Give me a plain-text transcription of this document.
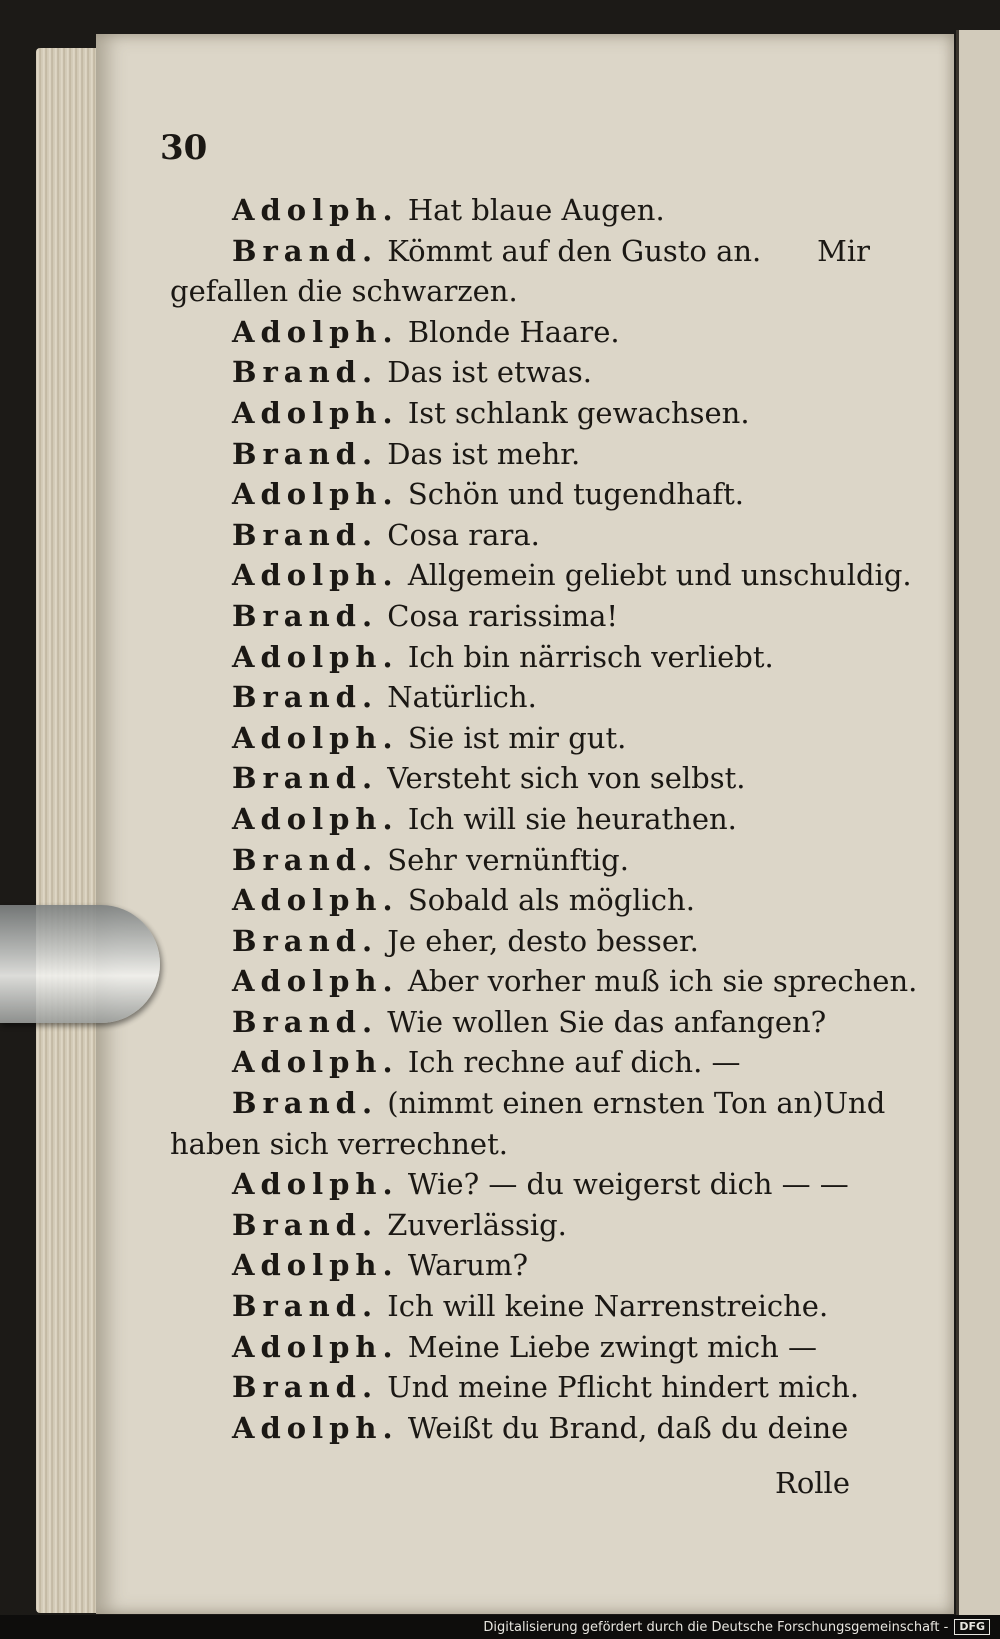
30
Adolph. Hat blaue Augen.
Brand. Kömmt auf den Gusto an. Mir
gefallen die schwarzen.
Adolph. Blonde Haare.
Brand. Das ist etwas.
Adolph. Ist schlank gewachsen.
Brand. Das ist mehr.
Adolph. Schön und tugendhaft.
Brand. Cosa rara.
Adolph. Allgemein geliebt und unschuldig.
Brand. Cosa rarissima!
Adolph. Ich bin närrisch verliebt.
Brand. Natürlich.
Adolph. Sie ist mir gut.
Brand. Versteht sich von selbst.
Adolph. Ich will sie heurathen.
Brand. Sehr vernünftig.
Adolph. Sobald als möglich.
Brand. Je eher, desto besser.
Adolph. Aber vorher muß ich sie sprechen.
Brand. Wie wollen Sie das anfangen?
Adolph. Ich rechne auf dich. —
Brand. (nimmt einen ernsten Ton an) Und
haben sich verrechnet.
Adolph. Wie? — du weigerst dich — —
Brand. Zuverlässig.
Adolph. Warum?
Brand. Ich will keine Narrenstreiche.
Adolph. Meine Liebe zwingt mich —
Brand. Und meine Pflicht hindert mich.
Adolph. Weißt du Brand, daß du deine
Rolle
Digitalisierung gefördert durch die Deutsche Forschungsgemeinschaft -	DFG
